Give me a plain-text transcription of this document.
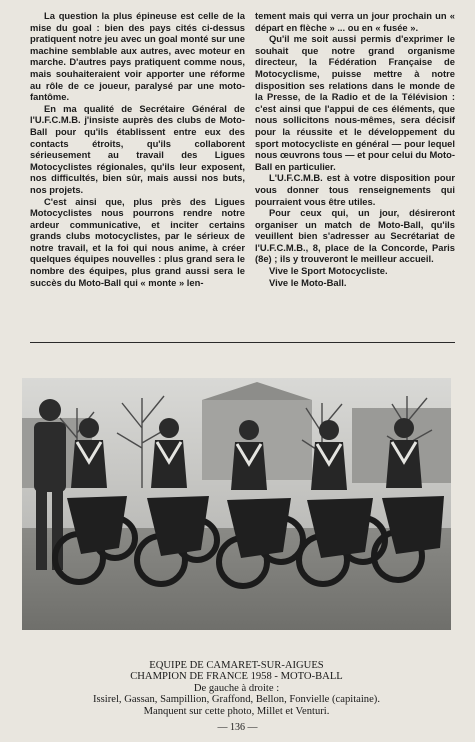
La question la plus épineuse est celle de la mise du goal : bien des pays cités ci-dessus pratiquent notre jeu avec un goal monté sur une machine semblable aux autres, avec moteur en marche. D'autres pays pratiquent comme nous, mais souhaiteraient voir apporter une réforme au rôle de ce joueur, paralysé par une moto-fantôme.

En ma qualité de Secrétaire Général de l'U.F.C.M.B. j'insiste auprès des clubs de Moto-Ball pour qu'ils établissent entre eux des contacts étroits, qu'ils collaborent sérieusement au travail des Ligues Motocyclistes régionales, qu'ils leur exposent, nos difficultés, bien sûr, mais aussi nos buts, nos projets.

C'est ainsi que, plus près des Ligues Motocyclistes nous pourrons rendre notre ardeur communicative, et inciter certains grands clubs motocyclistes, par le sérieux de notre travail, et la foi qui nous anime, à créer quelques équipes nouvelles : plus grand sera le nombre des équipes, plus grand aussi sera le succès du Moto-Ball qui « monte » len-

tement mais qui verra un jour prochain un « départ en flèche » ... ou en « fusée ».

Qu'il me soit aussi permis d'exprimer le souhait que notre grand organisme directeur, la Fédération Française de Motocyclisme, puisse mettre à notre disposition ses relations dans le monde de la Presse, de la Radio et de la Télévision : c'est ainsi que l'appui de ces éléments, que nous sollicitons nous-mêmes, sera décisif pour la réussite et le développement du sport motocycliste en général — pour lequel nous œuvrons tous — et pour celui du Moto-Ball en particulier.

L'U.F.C.M.B. est à votre disposition pour vous donner tous renseignements qui pourraient vous être utiles.

Pour ceux qui, un jour, désireront organiser un match de Moto-Ball, qu'ils veuillent bien s'adresser au Secrétariat de l'U.F.C.M.B., 8, place de la Concorde, Paris (8e) ; ils y trouveront le meilleur accueil.

Vive le Sport Motocycliste.

Vive le Moto-Ball.

EQUIPE DE CAMARET-SUR-AIGUES
CHAMPION DE FRANCE 1958 - MOTO-BALL
De gauche à droite :
Issirel, Gassan, Sampillion, Graffond, Bellon, Fonvielle (capitaine).
Manquent sur cette photo, Millet et Venturi.
— 136 —
